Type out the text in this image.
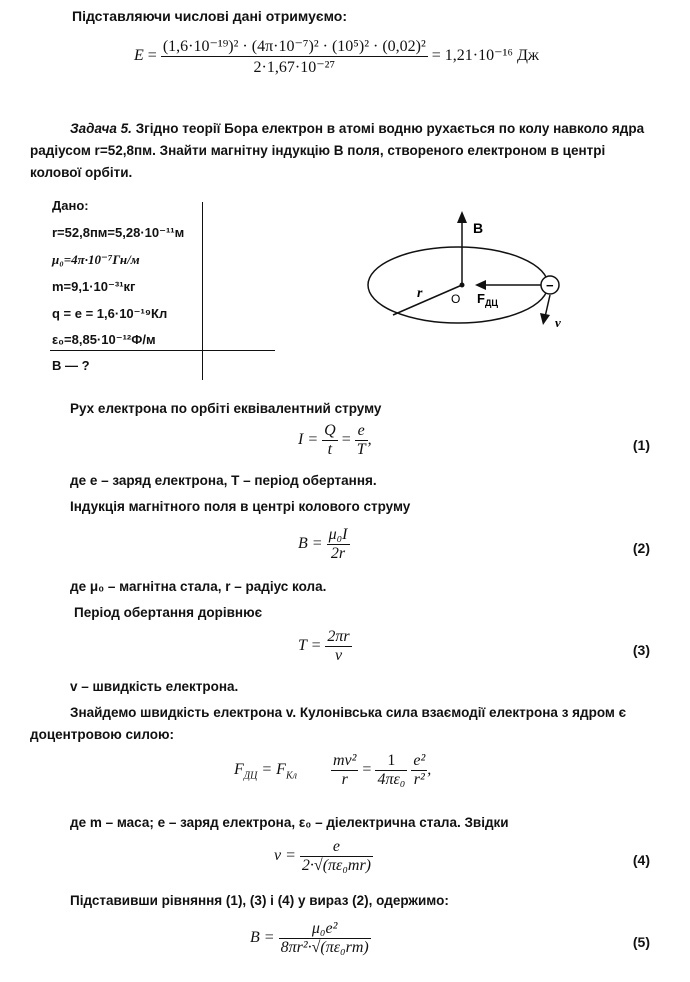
Підставляючи числові дані отримуємо:
$E = \frac{\text{(1,6·10⁻¹⁹)² · (4π·10⁻⁷)² · (10⁵)² · (0,02)²}}{\text{2·1,67·10⁻²⁷}} = 1,21\cdot 10^{-16}$ Дж
Задача 5. Згідно теорії Бора електрон в атомі водню рухається по колу навколо ядра
радіусом r=52,8пм. Знайти магнітну індукцію В поля, створеного електроном в центрі
колової орбіти.
Дано:
r=52,8пм=5,28·10⁻¹¹м
μ₀=4π·10⁻⁷Гн/м
m=9,1·10⁻³¹кг
q = e = 1,6·10⁻¹⁹Кл
ε₀=8,85·10⁻¹²Ф/м
B — ?
B
r O $F_{ДЦ}$
−
v
Рух електрона по орбіті еквівалентний струму
$I = \frac{Q}{t} = \frac{e}{T}$ ,	(1)
де е – заряд електрона, Т – період обертання.
Індукція магнітного поля в центрі колового струму
$B = \frac{\text{μ₀I}}{2r}$	(2)
де μ₀ – магнітна стала, r – радіус кола.
Період обертання дорівнює
$T = \frac{2\pi r}{v}$	(3)
v – швидкість електрона.
Знайдемо швидкість електрона v. Кулонівська сила взаємодії електрона з ядром є
доцентровою силою:
$F_{ДЦ} = F_{Кл} \frac{\text{mv²}}{r} = \frac{1}{\text{4πε₀}}$
$\frac{\text{e²}}{\text{r²}}$ ,
де m – маса; е – заряд електрона, ε₀ – діелектрична стала. Звідки
$v = \frac{e}{\text{2·√(πε₀mr)}}$	(4)
Підставивши рівняння (1), (3) і (4) у вираз (2), одержимо:
$B = \frac{\text{μ₀e²}}{\text{8πr²·√(πε₀rm)}}$	(5)
